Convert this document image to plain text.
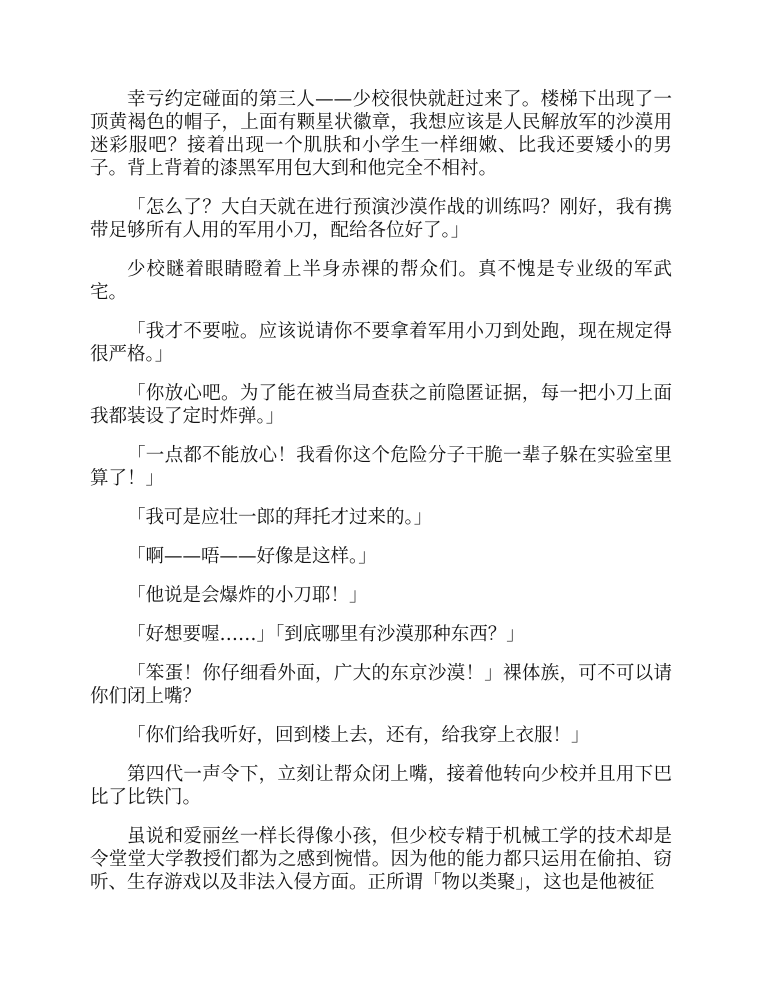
幸亏约定碰面的第三人——少校很快就赶过来了。楼梯下出现了一顶黄褐色的帽子，上面有颗星状徽章，我想应该是人民解放军的沙漠用迷彩服吧？接着出现一个肌肤和小学生一样细嫩、比我还要矮小的男子。背上背着的漆黑军用包大到和他完全不相衬。

「怎么了？大白天就在进行预演沙漠作战的训练吗？刚好，我有携带足够所有人用的军用小刀，配给各位好了。」

少校瞇着眼睛瞪着上半身赤裸的帮众们。真不愧是专业级的军武宅。

「我才不要啦。应该说请你不要拿着军用小刀到处跑，现在规定得很严格。」

「你放心吧。为了能在被当局查获之前隐匿证据，每一把小刀上面我都装设了定时炸弹。」

「一点都不能放心！我看你这个危险分子干脆一辈子躲在实验室里算了！」

「我可是应壮一郎的拜托才过来的。」

「啊——唔——好像是这样。」

「他说是会爆炸的小刀耶！」

「好想要喔……」「到底哪里有沙漠那种东西？」

「笨蛋！你仔细看外面，广大的东京沙漠！」裸体族，可不可以请你们闭上嘴？

「你们给我听好，回到楼上去，还有，给我穿上衣服！」

第四代一声令下，立刻让帮众闭上嘴，接着他转向少校并且用下巴比了比铁门。

虽说和爱丽丝一样长得像小孩，但少校专精于机械工学的技术却是令堂堂大学教授们都为之感到惋惜。因为他的能力都只运用在偷拍、窃听、生存游戏以及非法入侵方面。正所谓「物以类聚」，这也是他被征
